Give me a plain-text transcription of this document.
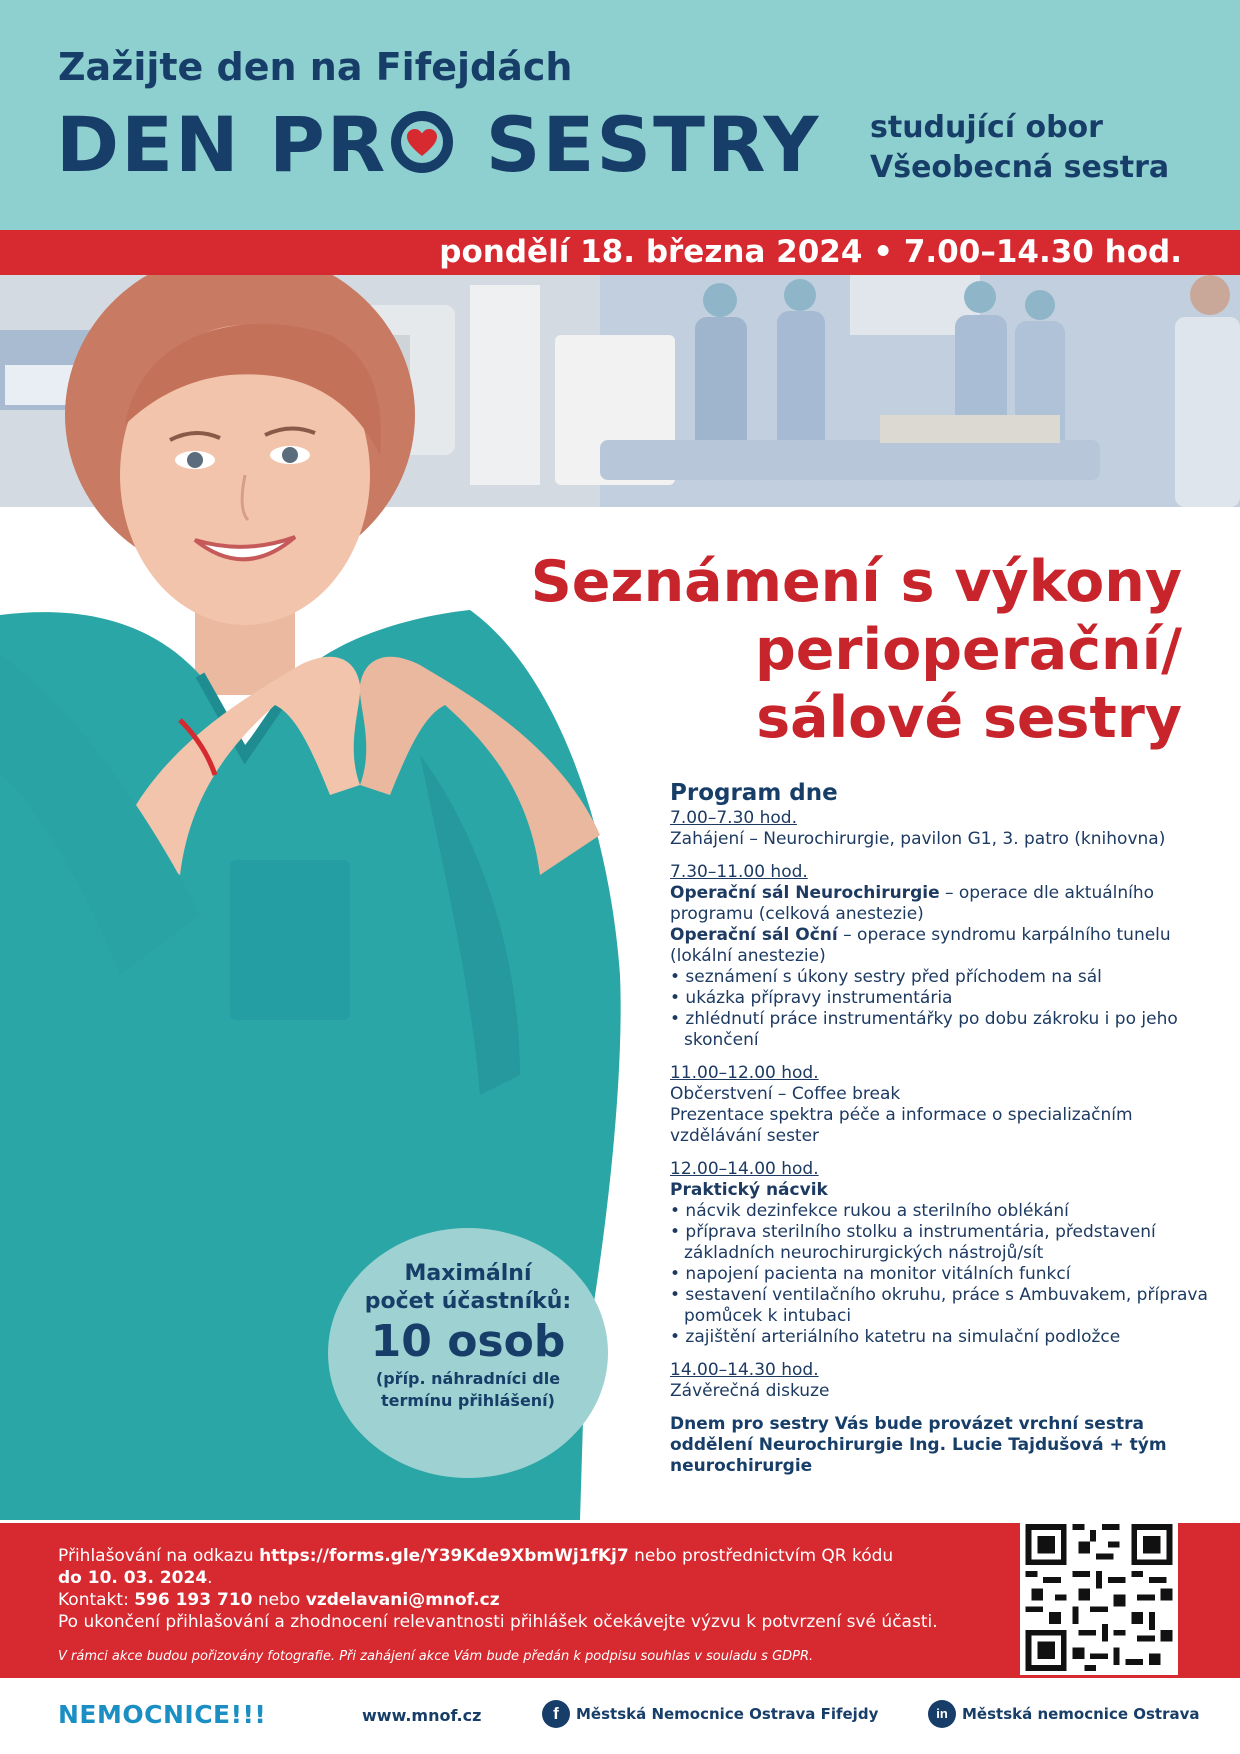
Zažijte den na Fifejdách
DEN PR SESTRY studující obor
Všeobecná sestra
pondělí 18. března 2024 • 7.00–14.30 hod.
Seznámení s výkony
perioperační/
sálové sestry
Program dne
7.00–7.30 hod.
Zahájení – Neurochirurgie, pavilon G1, 3. patro (knihovna)
7.30–11.00 hod.
Operační sál Neurochirurgie – operace dle aktuálního programu (celková anestezie)
Operační sál Oční – operace syndromu karpálního tunelu (lokální anestezie)
• seznámení s úkony sestry před příchodem na sál
• ukázka přípravy instrumentária
• zhlédnutí práce instrumentářky po dobu zákroku i po jeho skončení
11.00–12.00 hod.
Občerstvení – Coffee break
Prezentace spektra péče a informace o specializačním vzdělávání sester
12.00–14.00 hod.
Praktický nácvik
• nácvik dezinfekce rukou a sterilního oblékání
• příprava sterilního stolku a instrumentária, představení základních neurochirurgických nástrojů/sít
• napojení pacienta na monitor vitálních funkcí
• sestavení ventilačního okruhu, práce s Ambuvakem, příprava pomůcek k intubaci
• zajištění arteriálního katetru na simulační podložce
14.00–14.30 hod.
Závěrečná diskuze
Dnem pro sestry Vás bude provázet vrchní sestra oddělení Neurochirurgie Ing. Lucie Tajdušová + tým neurochirurgie
Maximální
počet účastníků:
10 osob
(příp. náhradníci dle
termínu přihlášení)
Přihlašování na odkazu https://forms.gle/Y39Kde9XbmWj1fKj7 nebo prostřednictvím QR kódu
do 10. 03. 2024.
Kontakt: 596 193 710 nebo vzdelavani@mnof.cz
Po ukončení přihlašování a zhodnocení relevantnosti přihlášek očekávejte výzvu k potvrzení své účasti.
V rámci akce budou pořizovány fotografie. Při zahájení akce Vám bude předán k podpisu souhlas v souladu s GDPR.
NEMOCNICE!!!	www.mnof.cz	f Městská Nemocnice Ostrava Fifejdy	in Městská nemocnice Ostrava
